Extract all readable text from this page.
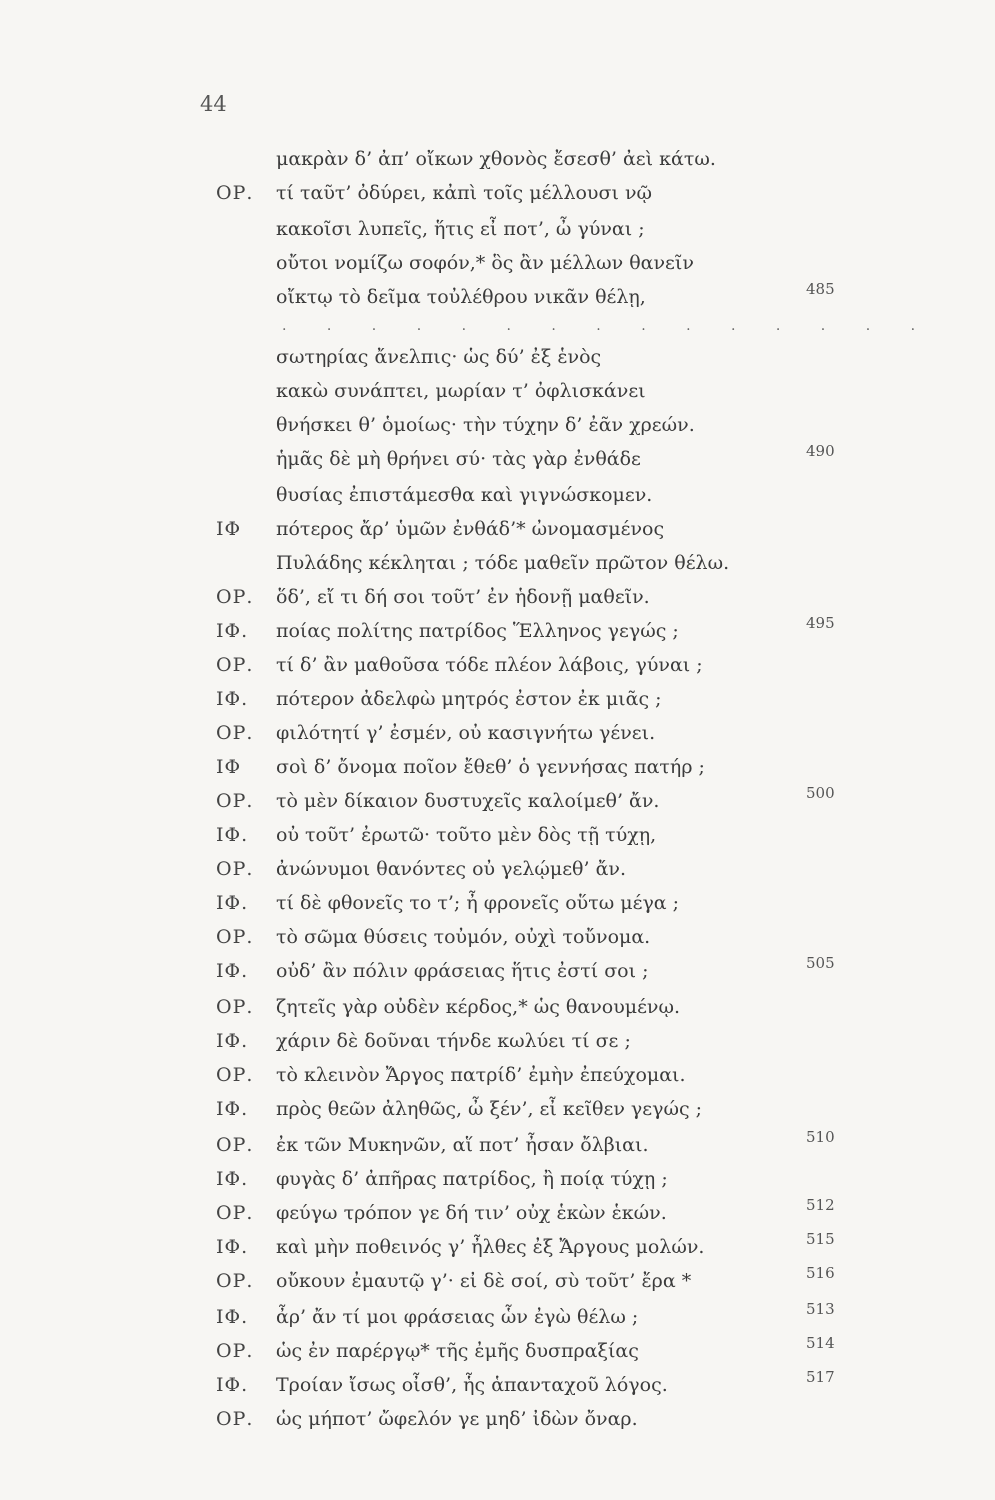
44
. . . . . . . . . . . . . . .
μακρὰν δ’ ἀπ’ οἴκων χθονὸς ἔσεσθ’ ἀεὶ κάτω.
ΟΡ.	τί ταῦτ’ ὀδύρει, κἀπὶ τοῖς μέλλουσι νῷ
κακοῖσι λυπεῖς, ἥτις εἶ ποτ’, ὦ γύναι ;
οὔτοι νομίζω σοφόν,* ὃς ἂν μέλλων θανεῖν
οἴκτῳ τὸ δεῖμα τοὐλέθρου νικᾶν θέλῃ,	485
σωτηρίας ἄνελπις· ὡς δύ’ ἐξ ἑνὸς
κακὼ συνάπτει, μωρίαν τ’ ὀφλισκάνει
θνήσκει θ’ ὁμοίως· τὴν τύχην δ’ ἐᾶν χρεών.
ἡμᾶς δὲ μὴ θρήνει σύ· τὰς γὰρ ἐνθάδε	490
θυσίας ἐπιστάμεσθα καὶ γιγνώσκομεν.
ΙΦ	πότερος ἄρ’ ὑμῶν ἐνθάδ’* ὠνομασμένος
Πυλάδης κέκληται ; τόδε μαθεῖν πρῶτον θέλω.
ΟΡ.	ὅδ’, εἴ τι δή σοι τοῦτ’ ἐν ἡδονῇ μαθεῖν.
ΙΦ.	ποίας πολίτης πατρίδος Ἕλληνος γεγώς ;	495
ΟΡ.	τί δ’ ἂν μαθοῦσα τόδε πλέον λάβοις, γύναι ;
ΙΦ.	πότερον ἀδελφὼ μητρός ἐστον ἐκ μιᾶς ;
ΟΡ.	φιλότητί γ’ ἐσμέν, οὐ κασιγνήτω γένει.
ΙΦ	σοὶ δ’ ὄνομα ποῖον ἔθεθ’ ὁ γεννήσας πατήρ ;
ΟΡ.	τὸ μὲν δίκαιον δυστυχεῖς καλοίμεθ’ ἄν.	500
ΙΦ.	οὐ τοῦτ’ ἐρωτῶ· τοῦτο μὲν δὸς τῇ τύχῃ,
ΟΡ.	ἀνώνυμοι θανόντες οὐ γελῴμεθ’ ἄν.
ΙΦ.	τί δὲ φθονεῖς το τ’; ἦ φρονεῖς οὕτω μέγα ;
ΟΡ.	τὸ σῶμα θύσεις τοὐμόν, οὐχὶ τοὔνομα.
ΙΦ.	οὐδ’ ἂν πόλιν φράσειας ἥτις ἐστί σοι ;	505
ΟΡ.	ζητεῖς γὰρ οὐδὲν κέρδος,* ὡς θανουμένῳ.
ΙΦ.	χάριν δὲ δοῦναι τήνδε κωλύει τί σε ;
ΟΡ.	τὸ κλεινὸν Ἄργος πατρίδ’ ἐμὴν ἐπεύχομαι.
ΙΦ.	πρὸς θεῶν ἀληθῶς, ὦ ξέν’, εἶ κεῖθεν γεγώς ;
ΟΡ.	ἐκ τῶν Μυκηνῶν, αἵ ποτ’ ἦσαν ὄλβιαι.	510
ΙΦ.	φυγὰς δ’ ἀπῆρας πατρίδος, ἢ ποίᾳ τύχῃ ;
ΟΡ.	φεύγω τρόπον γε δή τιν’ οὐχ ἑκὼν ἑκών.	512
ΙΦ.	καὶ μὴν ποθεινός γ’ ἦλθες ἐξ Ἄργους μολών.	515
ΟΡ.	οὔκουν ἐμαυτῷ γ’· εἰ δὲ σοί, σὺ τοῦτ’ ἔρα *	516
ΙΦ.	ἆρ’ ἄν τί μοι φράσειας ὧν ἐγὼ θέλω ;	513
ΟΡ.	ὡς ἐν παρέργῳ* τῆς ἐμῆς δυσπραξίας	514
ΙΦ.	Τροίαν ἴσως οἶσθ’, ἧς ἁπανταχοῦ λόγος.	517
ΟΡ.	ὡς μήποτ’ ὤφελόν γε μηδ’ ἰδὼν ὄναρ.
